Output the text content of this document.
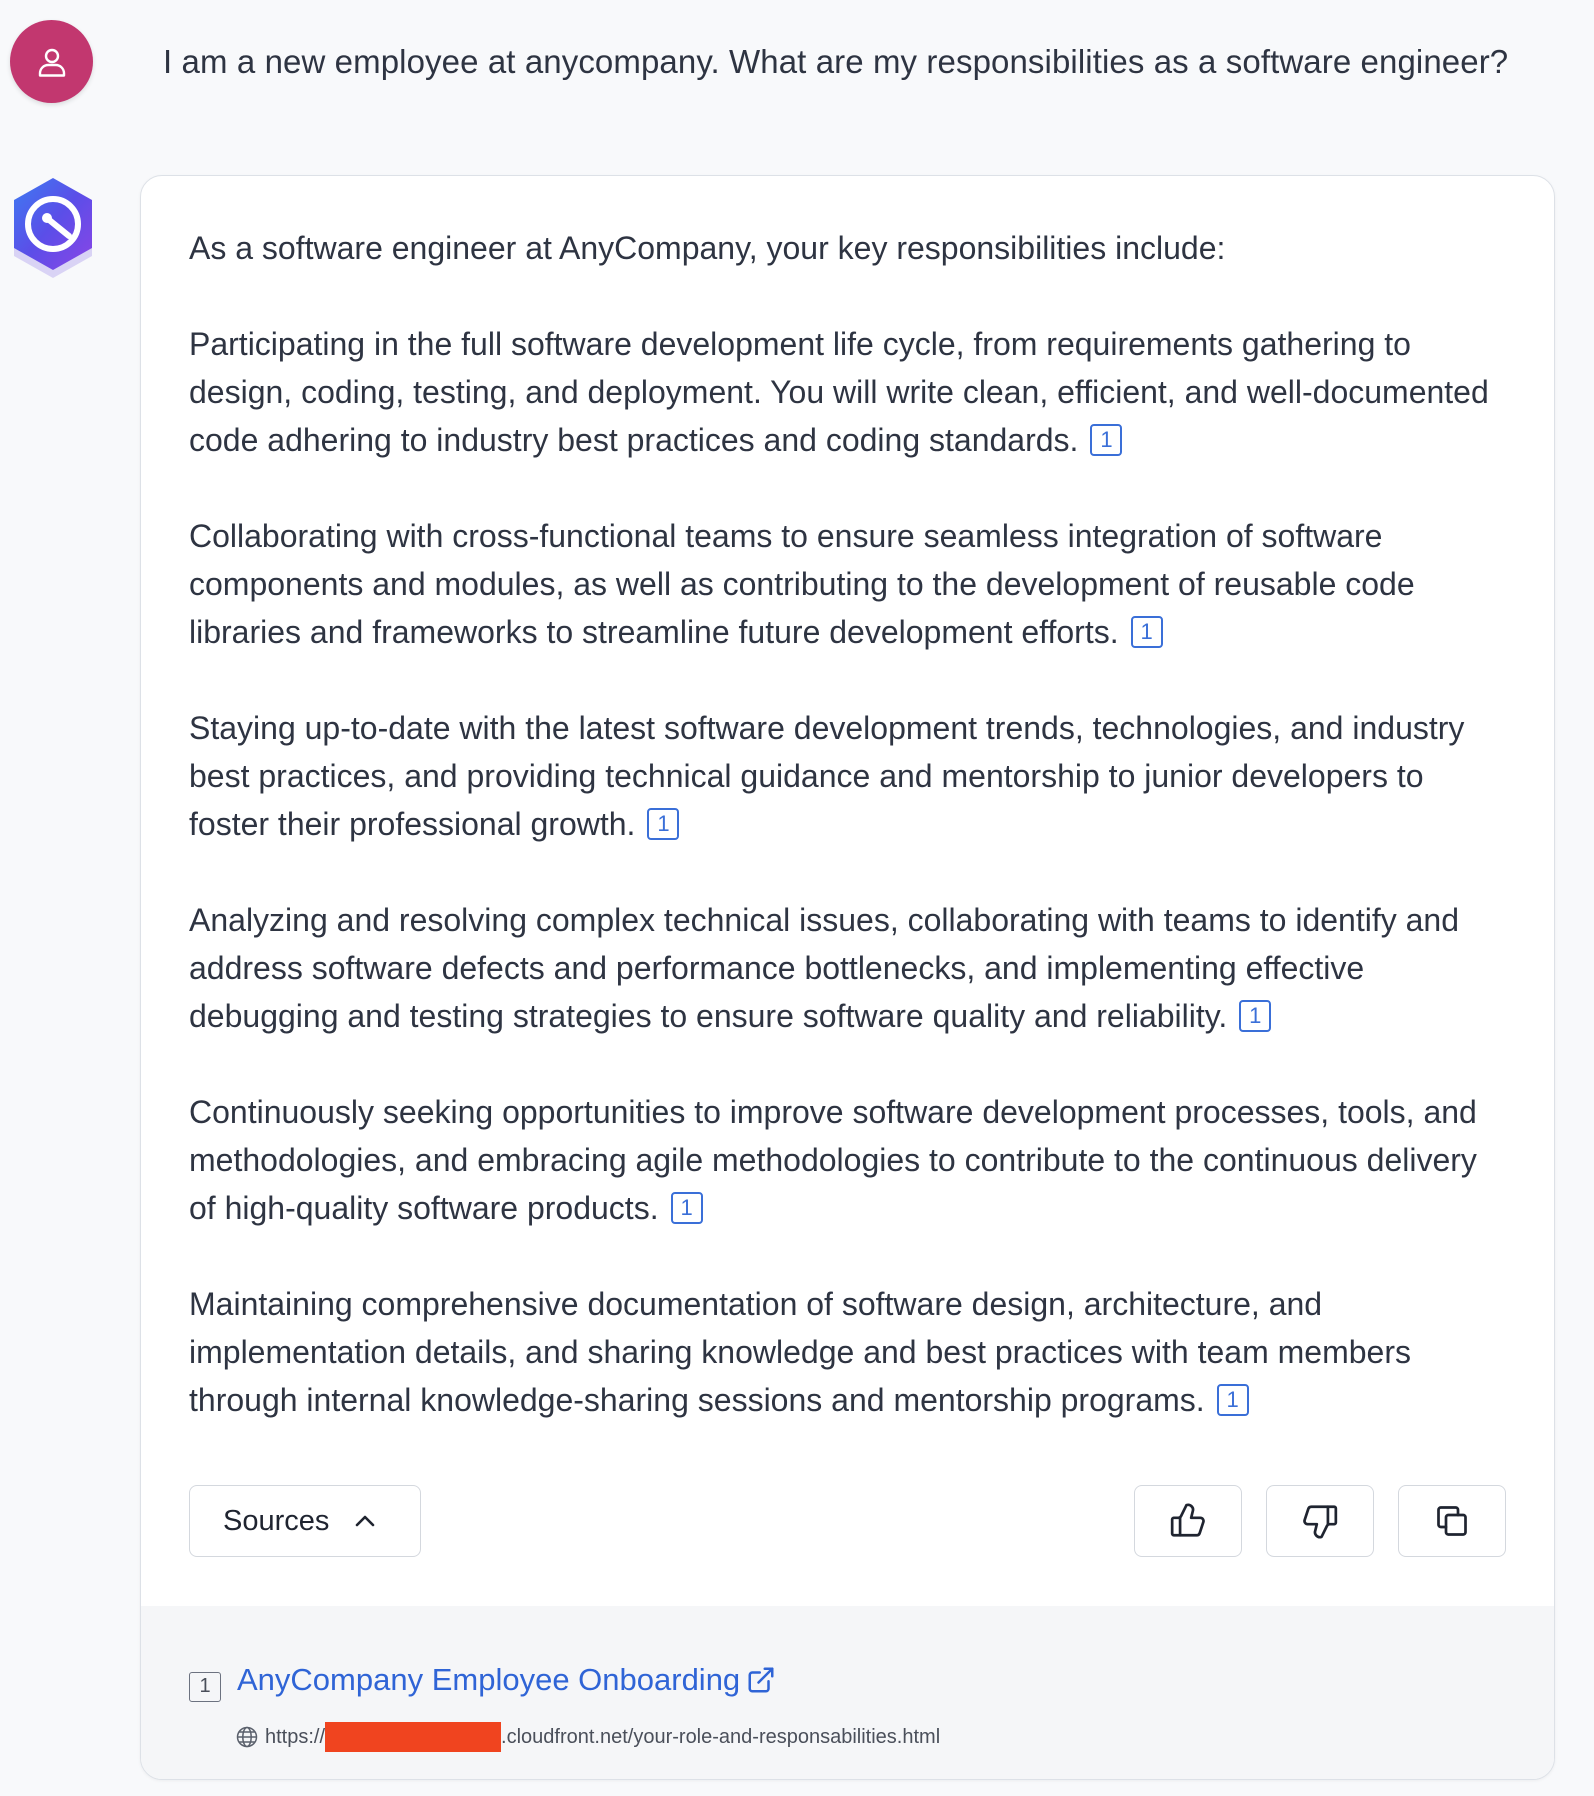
I am a new employee at anycompany. What are my responsibilities as a software engineer?

As a software engineer at AnyCompany, your key responsibilities include:

Participating in the full software development life cycle, from requirements gathering to design, coding, testing, and deployment. You will write clean, efficient, and well-documented code adhering to industry best practices and coding standards. 1

Collaborating with cross-functional teams to ensure seamless integration of software components and modules, as well as contributing to the development of reusable code libraries and frameworks to streamline future development efforts. 1

Staying up-to-date with the latest software development trends, technologies, and industry best practices, and providing technical guidance and mentorship to junior developers to foster their professional growth. 1

Analyzing and resolving complex technical issues, collaborating with teams to identify and address software defects and performance bottlenecks, and implementing effective debugging and testing strategies to ensure software quality and reliability. 1

Continuously seeking opportunities to improve software development processes, tools, and methodologies, and embracing agile methodologies to contribute to the continuous delivery of high-quality software products. 1

Maintaining comprehensive documentation of software design, architecture, and implementation details, and sharing knowledge and best practices with team members through internal knowledge-sharing sessions and mentorship programs. 1

Sources
1 AnyCompany Employee Onboarding
https://	.cloudfront.net/your-role-and-responsabilities.html
